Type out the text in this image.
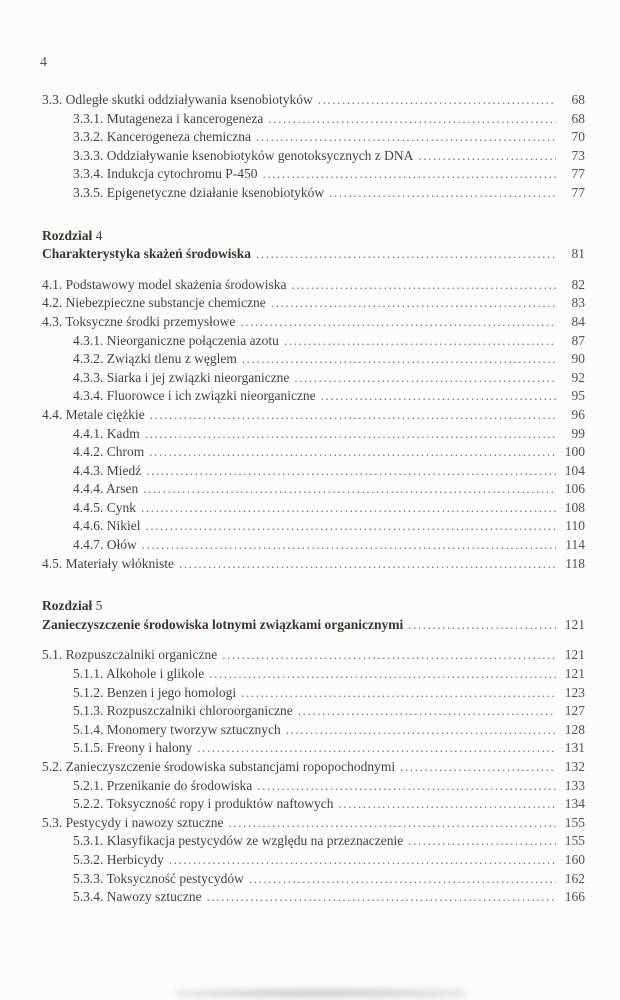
4
3.3. Odległe skutki oddziaływania ksenobiotyków .....	68
3.3.1. Mutageneza i kancerogeneza .....	68
3.3.2. Kancerogeneza chemiczna .....	70
3.3.3. Oddziaływanie ksenobiotyków genotoksycznych z DNA .....	73
3.3.4. Indukcja cytochromu P-450 .....	77
3.3.5. Epigenetyczne działanie ksenobiotyków .....	77
Rozdział 4
Charakterystyka skażeń środowiska .....	81
4.1. Podstawowy model skażenia środowiska .....	82
4.2. Niebezpieczne substancje chemiczne .....	83
4.3. Toksyczne środki przemysłowe .....	84
4.3.1. Nieorganiczne połączenia azotu .....	87
4.3.2. Związki tlenu z węglem .....	90
4.3.3. Siarka i jej związki nieorganiczne .....	92
4.3.4. Fluorowce i ich związki nieorganiczne .....	95
4.4. Metale ciężkie .....	96
4.4.1. Kadm .....	99
4.4.2. Chrom .....	100
4.4.3. Miedź .....	104
4.4.4. Arsen .....	106
4.4.5. Cynk .....	108
4.4.6. Nikiel .....	110
4.4.7. Ołów .....	114
4.5. Materiały włókniste .....	118
Rozdział 5
Zanieczyszczenie środowiska lotnymi związkami organicznymi .....	121
5.1. Rozpuszczalniki organiczne .....	121
5.1.1. Alkohole i glikole .....	121
5.1.2. Benzen i jego homologi .....	123
5.1.3. Rozpuszczalniki chloroorganiczne .....	127
5.1.4. Monomery tworzyw sztucznych .....	128
5.1.5. Freony i halony .....	131
5.2. Zanieczyszczenie środowiska substancjami ropopochodnymi .....	132
5.2.1. Przenikanie do środowiska .....	133
5.2.2. Toksyczność ropy i produktów naftowych .....	134
5.3. Pestycydy i nawozy sztuczne .....	155
5.3.1. Klasyfikacja pestycydów ze względu na przeznaczenie .....	155
5.3.2. Herbicydy .....	160
5.3.3. Toksyczność pestycydów .....	162
5.3.4. Nawozy sztuczne .....	166
